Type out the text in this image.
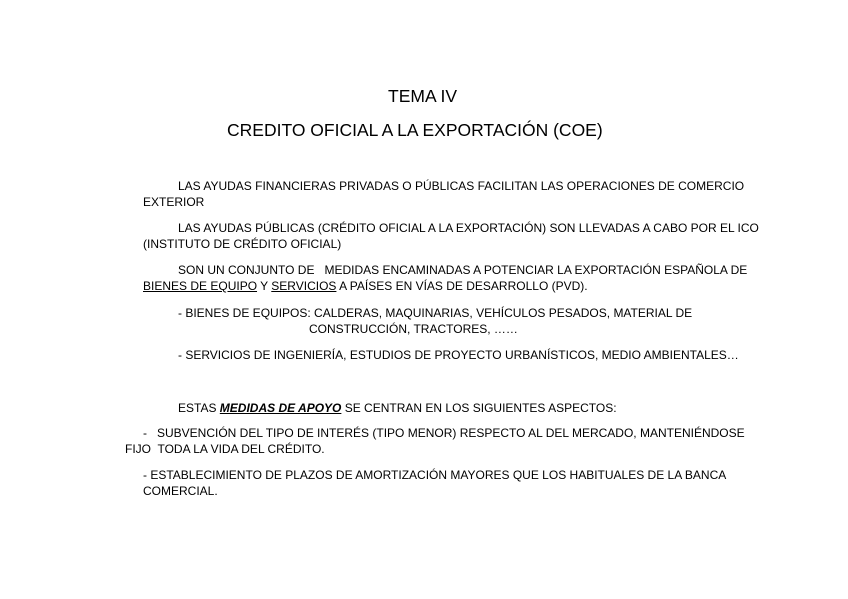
TEMA IV
CREDITO OFICIAL A LA EXPORTACIÓN (COE)
LAS AYUDAS FINANCIERAS PRIVADAS O PÚBLICAS FACILITAN LAS OPERACIONES DE COMERCIO
EXTERIOR
LAS AYUDAS PÚBLICAS (CRÉDITO OFICIAL A LA EXPORTACIÓN) SON LLEVADAS A CABO POR EL ICO
(INSTITUTO DE CRÉDITO OFICIAL)
SON UN CONJUNTO DE   MEDIDAS ENCAMINADAS A POTENCIAR LA EXPORTACIÓN ESPAÑOLA DE
BIENES DE EQUIPO Y SERVICIOS A PAÍSES EN VÍAS DE DESARROLLO (PVD).
- BIENES DE EQUIPOS: CALDERAS, MAQUINARIAS, VEHÍCULOS PESADOS, MATERIAL DE
CONSTRUCCIÓN, TRACTORES, ……
- SERVICIOS DE INGENIERÍA, ESTUDIOS DE PROYECTO URBANÍSTICOS, MEDIO AMBIENTALES…
ESTAS MEDIDAS DE APOYO SE CENTRAN EN LOS SIGUIENTES ASPECTOS:
-   SUBVENCIÓN DEL TIPO DE INTERÉS (TIPO MENOR) RESPECTO AL DEL MERCADO, MANTENIÉNDOSE
FIJO  TODA LA VIDA DEL CRÉDITO.
- ESTABLECIMIENTO DE PLAZOS DE AMORTIZACIÓN MAYORES QUE LOS HABITUALES DE LA BANCA
COMERCIAL.
